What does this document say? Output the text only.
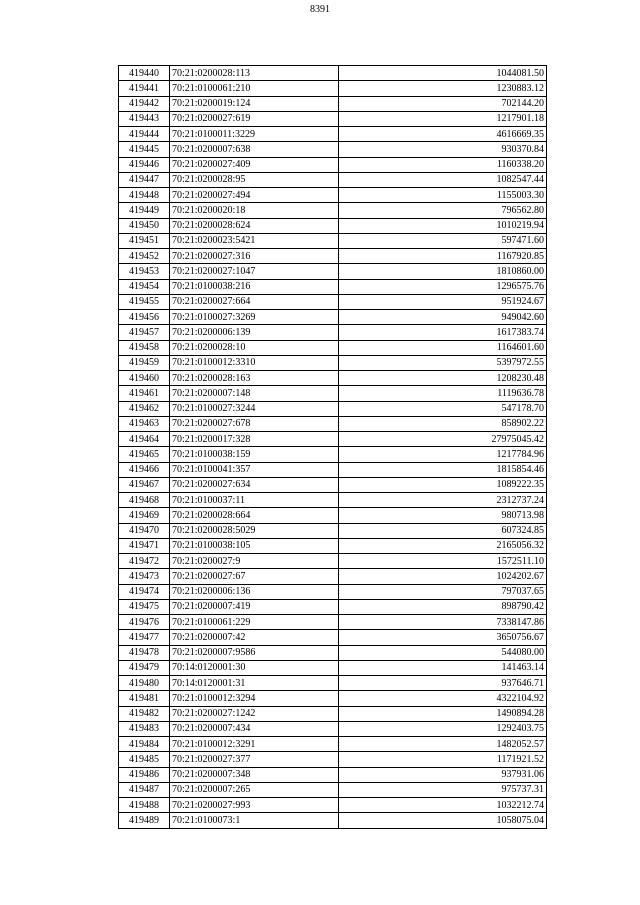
8391
419440	70:21:0200028:113	1044081.50
419441	70:21:0100061:210	1230883.12
419442	70:21:0200019:124	702144.20
419443	70:21:0200027:619	1217901.18
419444	70:21:0100011:3229	4616669.35
419445	70:21:0200007:638	930370.84
419446	70:21:0200027:409	1160338.20
419447	70:21:0200028:95	1082547.44
419448	70:21:0200027:494	1155003.30
419449	70:21:0200020:18	796562.80
419450	70:21:0200028:624	1010219.94
419451	70:21:0200023:5421	597471.60
419452	70:21:0200027:316	1167920.85
419453	70:21:0200027:1047	1810860.00
419454	70:21:0100038:216	1296575.76
419455	70:21:0200027:664	951924.67
419456	70:21:0100027:3269	949042.60
419457	70:21:0200006:139	1617383.74
419458	70:21:0200028:10	1164601.60
419459	70:21:0100012:3310	5397972.55
419460	70:21:0200028:163	1208230.48
419461	70:21:0200007:148	1119636.78
419462	70:21:0100027:3244	547178.70
419463	70:21:0200027:678	858902.22
419464	70:21:0200017:328	27975045.42
419465	70:21:0100038:159	1217784.96
419466	70:21:0100041:357	1815854.46
419467	70:21:0200027:634	1089222.35
419468	70:21:0100037:11	2312737.24
419469	70:21:0200028:664	980713.98
419470	70:21:0200028:5029	607324.85
419471	70:21:0100038:105	2165056.32
419472	70:21:0200027:9	1572511.10
419473	70:21:0200027:67	1024202.67
419474	70:21:0200006:136	797037.65
419475	70:21:0200007:419	898790.42
419476	70:21:0100061:229	7338147.86
419477	70:21:0200007:42	3650756.67
419478	70:21:0200007:9586	544080.00
419479	70:14:0120001:30	141463.14
419480	70:14:0120001:31	937646.71
419481	70:21:0100012:3294	4322104.92
419482	70:21:0200027:1242	1490894.28
419483	70:21:0200007:434	1292403.75
419484	70:21:0100012:3291	1482052.57
419485	70:21:0200027:377	1171921.52
419486	70:21:0200007:348	937931.06
419487	70:21:0200007:265	975737.31
419488	70:21:0200027:993	1032212.74
419489	70:21:0100073:1	1058075.04
